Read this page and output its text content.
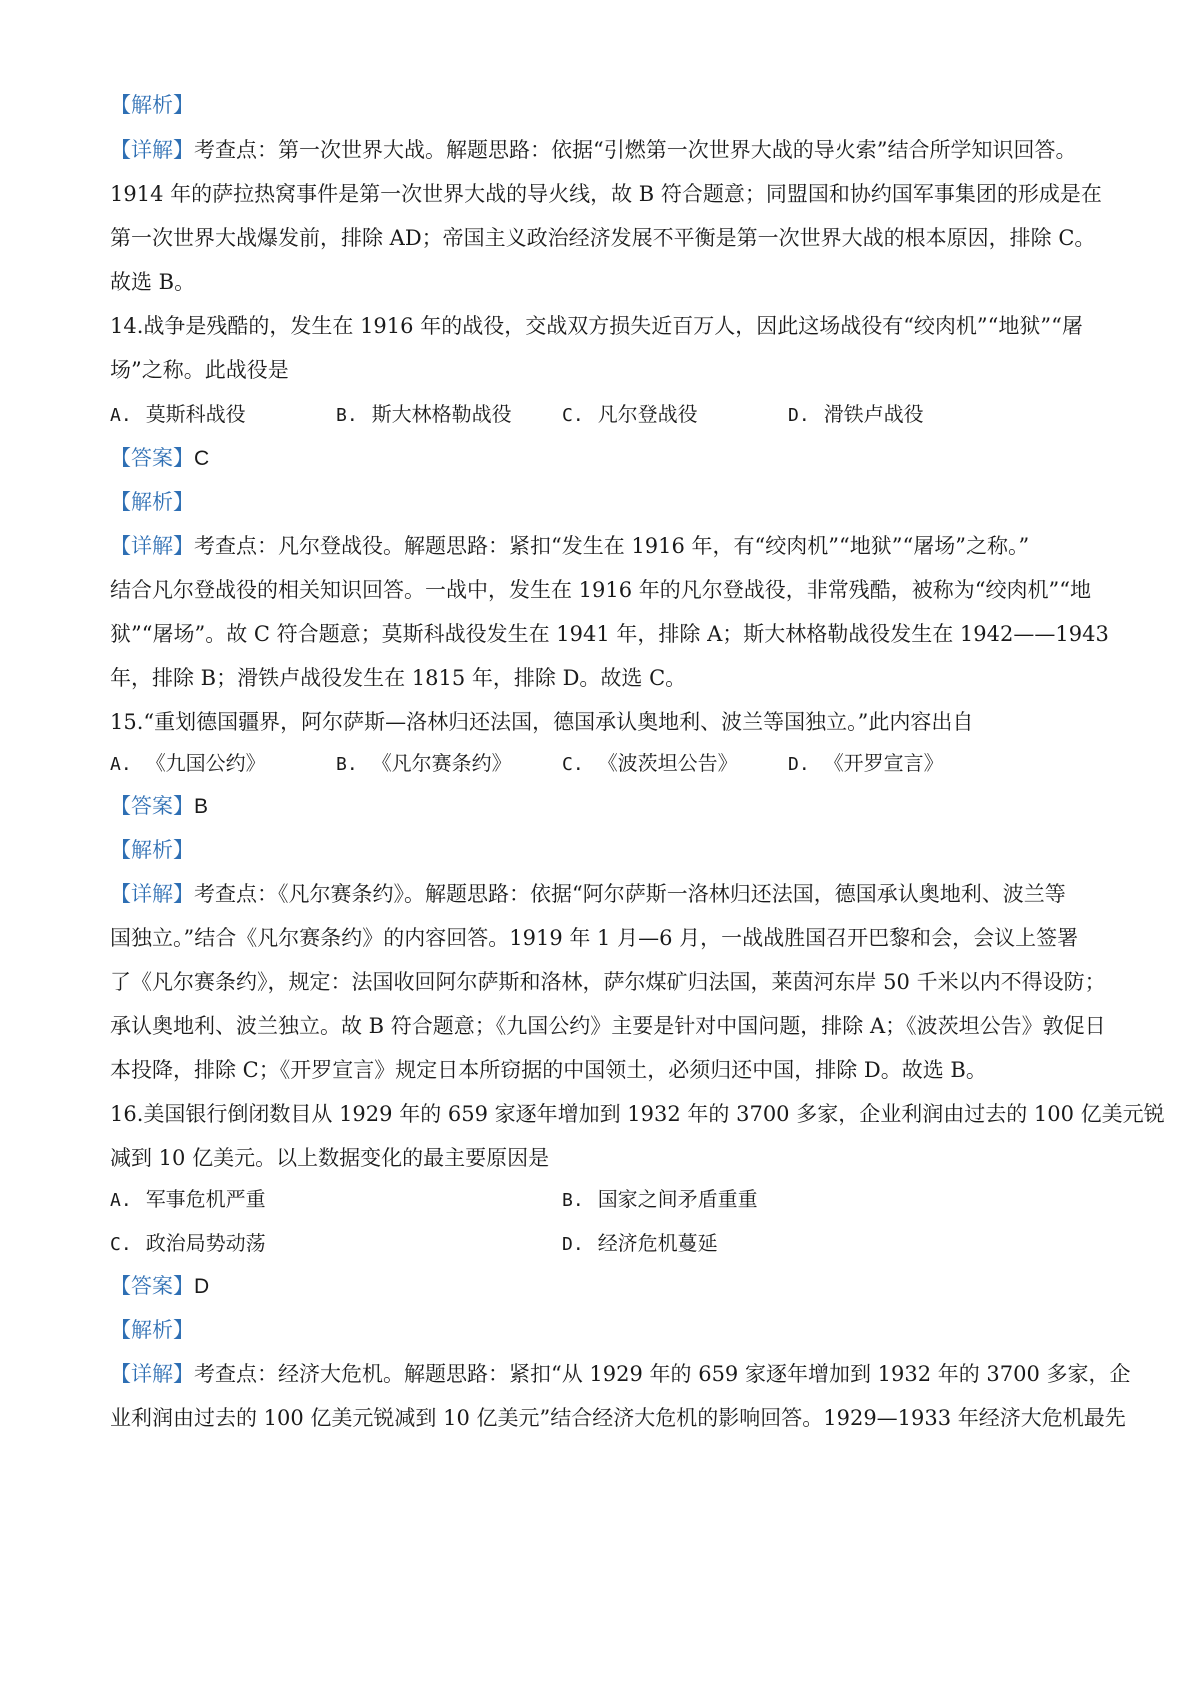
【解析】
【详解】考查点：第一次世界大战。解题思路：依据“引燃第一次世界大战的导火索”结合所学知识回答。
1914 年的萨拉热窝事件是第一次世界大战的导火线，故 B 符合题意；同盟国和协约国军事集团的形成是在
第一次世界大战爆发前，排除 AD；帝国主义政治经济发展不平衡是第一次世界大战的根本原因，排除 C。
故选 B。
14.战争是残酷的，发生在 1916 年的战役，交战双方损失近百万人，因此这场战役有“绞肉机”“地狱”“屠
场”之称。此战役是
A. 莫斯科战役	B. 斯大林格勒战役	C. 凡尔登战役	D. 滑铁卢战役
【答案】C
【解析】
【详解】考查点：凡尔登战役。解题思路：紧扣“发生在 1916 年，有“绞肉机”“地狱”“屠场”之称。”
结合凡尔登战役的相关知识回答。一战中，发生在 1916 年的凡尔登战役，非常残酷，被称为“绞肉机”“地
狱”“屠场”。故 C 符合题意；莫斯科战役发生在 1941 年，排除 A；斯大林格勒战役发生在 1942——1943
年，排除 B；滑铁卢战役发生在 1815 年，排除 D。故选 C。
15.“重划德国疆界，阿尔萨斯—洛林归还法国，德国承认奥地利、波兰等国独立。”此内容出自
A. 《九国公约》	B. 《凡尔赛条约》	C. 《波茨坦公告》	D. 《开罗宣言》
【答案】B
【解析】
【详解】考查点：《凡尔赛条约》。解题思路：依据“阿尔萨斯一洛林归还法国，德国承认奥地利、波兰等
国独立。”结合《凡尔赛条约》的内容回答。1919 年 1 月—6 月，一战战胜国召开巴黎和会，会议上签署
了《凡尔赛条约》，规定：法国收回阿尔萨斯和洛林，萨尔煤矿归法国，莱茵河东岸 50 千米以内不得设防；
承认奥地利、波兰独立。故 B 符合题意；《九国公约》主要是针对中国问题，排除 A；《波茨坦公告》敦促日
本投降，排除 C；《开罗宣言》规定日本所窃据的中国领土，必须归还中国，排除 D。故选 B。
16.美国银行倒闭数目从 1929 年的 659 家逐年增加到 1932 年的 3700 多家，企业利润由过去的 100 亿美元锐
减到 10 亿美元。以上数据变化的最主要原因是
A. 军事危机严重	B. 国家之间矛盾重重
C. 政治局势动荡	D. 经济危机蔓延
【答案】D
【解析】
【详解】考查点：经济大危机。解题思路：紧扣“从 1929 年的 659 家逐年增加到 1932 年的 3700 多家，企
业利润由过去的 100 亿美元锐减到 10 亿美元”结合经济大危机的影响回答。1929—1933 年经济大危机最先
